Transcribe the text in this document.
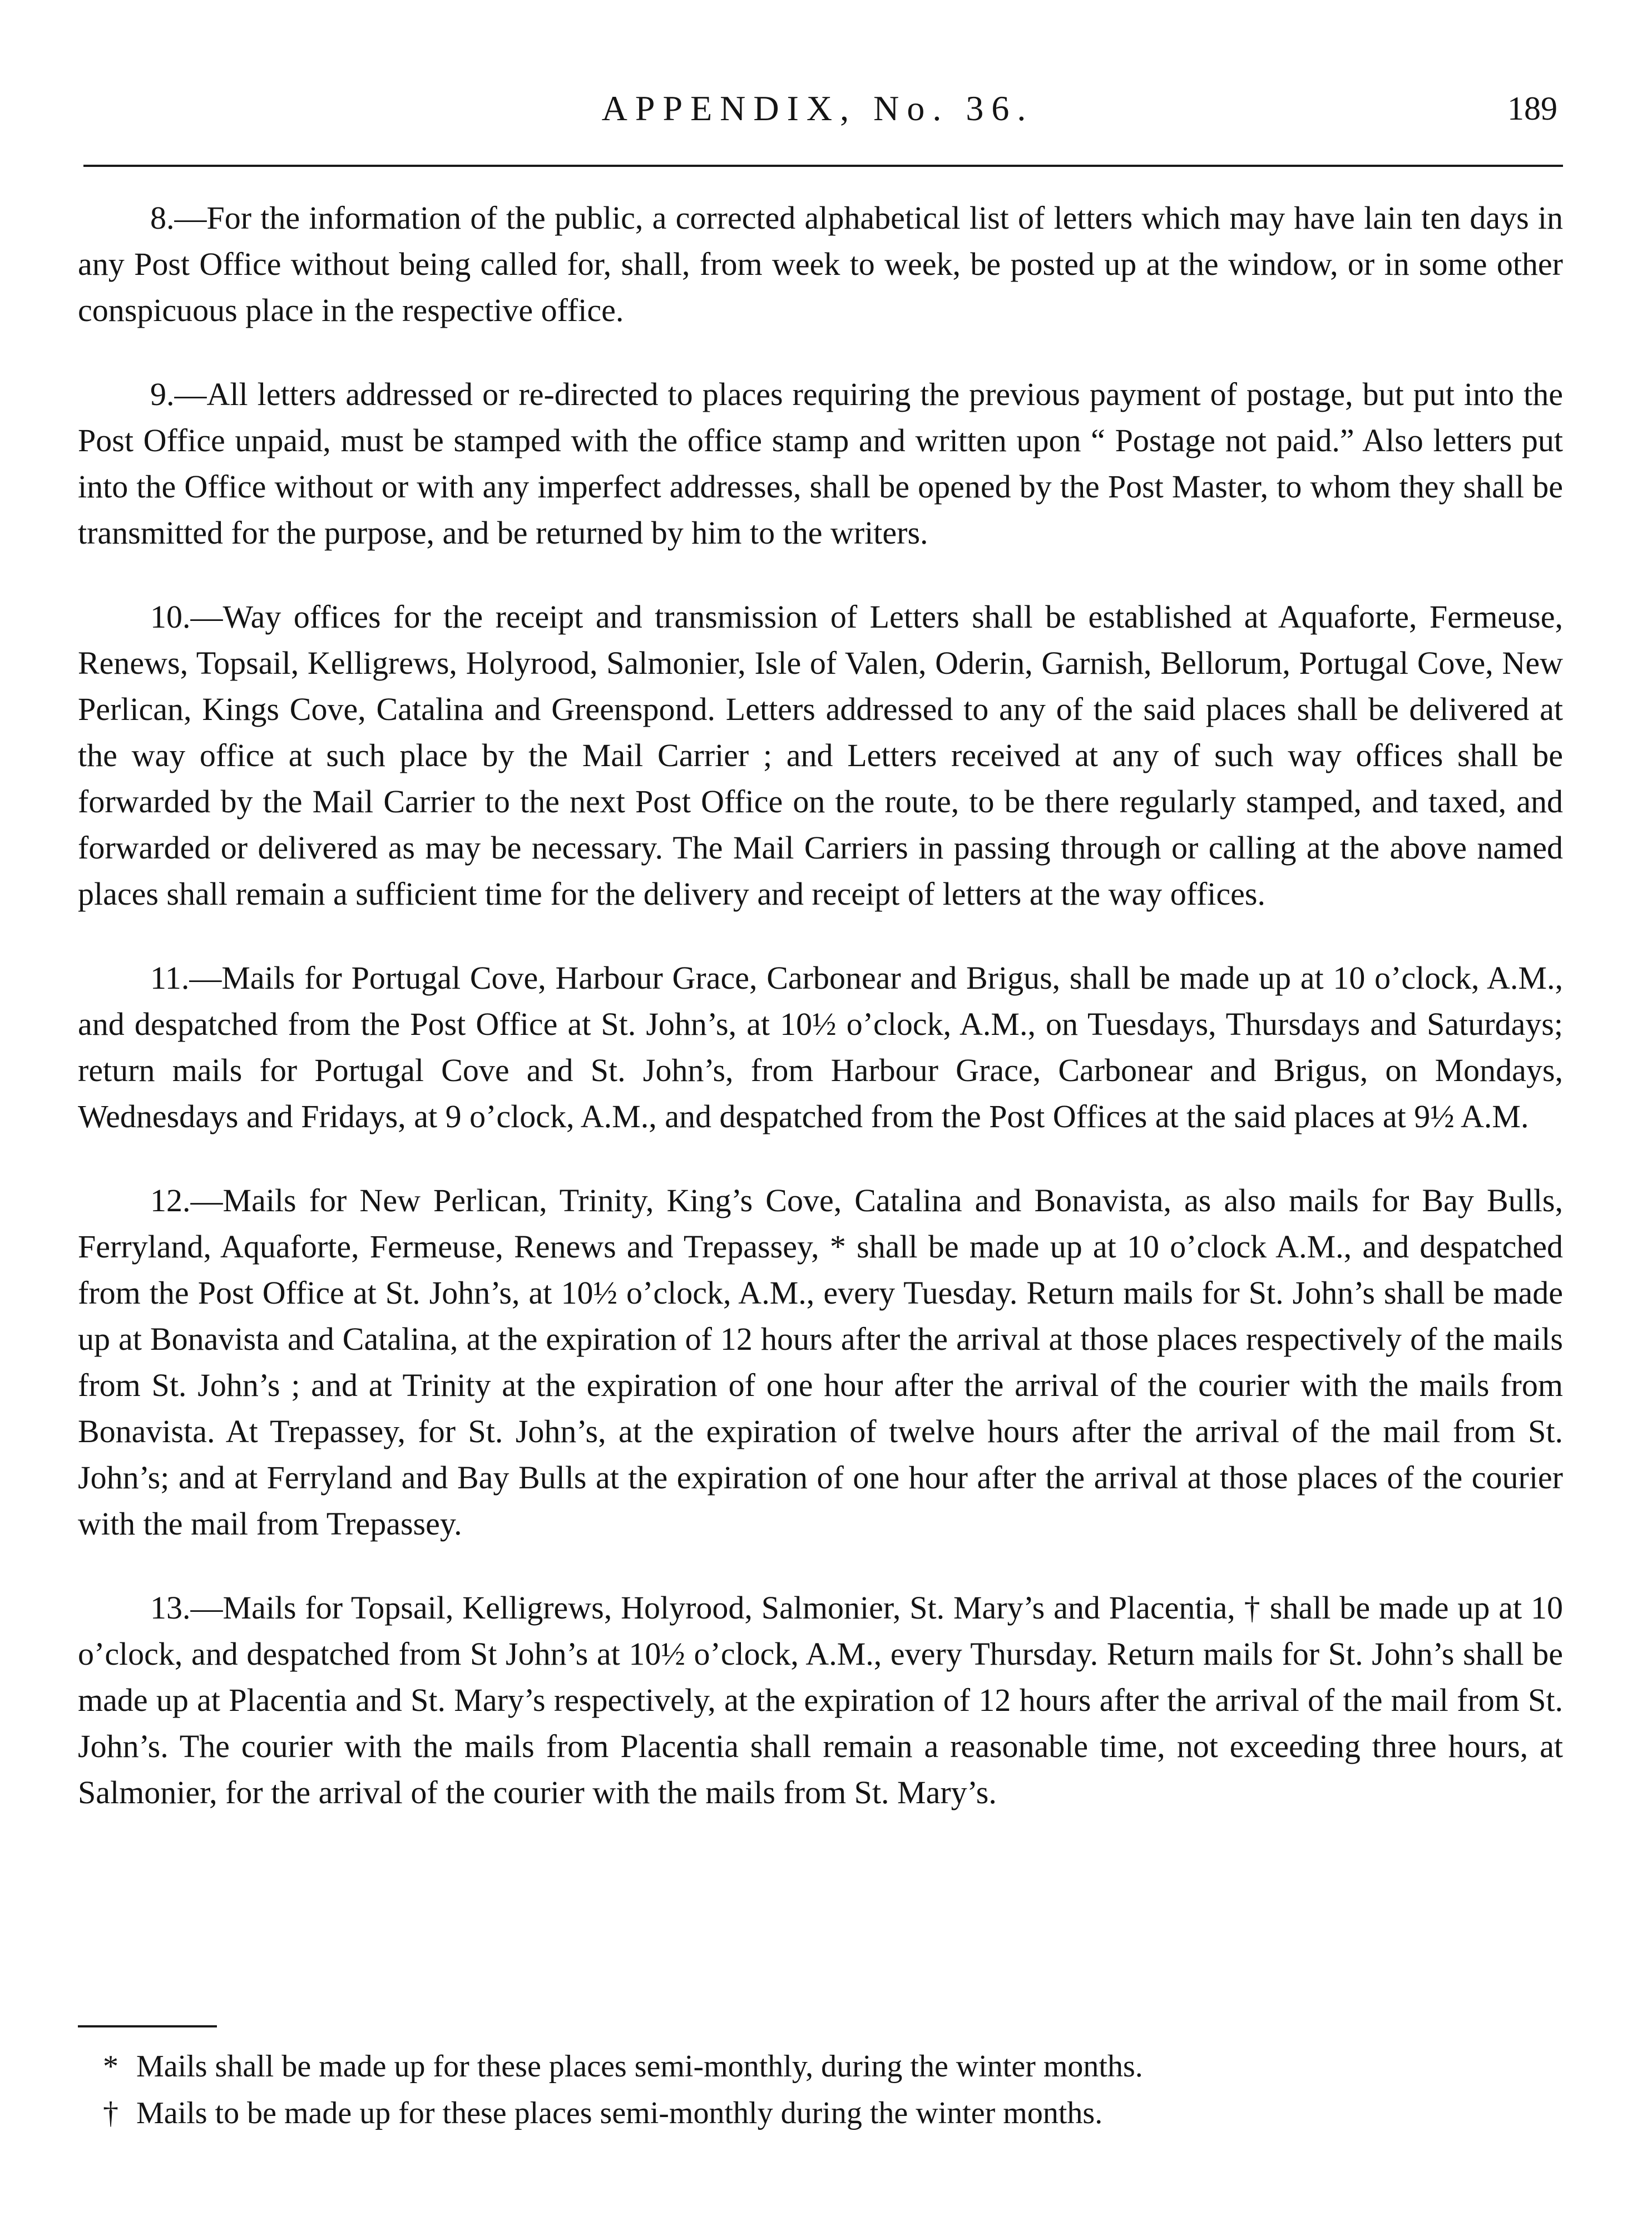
APPENDIX, No. 36.	189

8.—For the information of the public, a corrected alphabetical list of letters which may have lain ten days in any Post Office without being called for, shall, from week to week, be posted up at the window, or in some other conspicuous place in the respective office.

9.—All letters addressed or re-directed to places requiring the previous payment of postage, but put into the Post Office unpaid, must be stamped with the office stamp and written upon “ Postage not paid.” Also letters put into the Office without or with any imperfect addresses, shall be opened by the Post Master, to whom they shall be transmitted for the purpose, and be returned by him to the writers.

10.—Way offices for the receipt and transmission of Letters shall be established at Aquaforte, Fermeuse, Renews, Topsail, Kelligrews, Holyrood, Salmonier, Isle of Valen, Oderin, Garnish, Bellorum, Portugal Cove, New Perlican, Kings Cove, Catalina and Greenspond. Letters addressed to any of the said places shall be delivered at the way office at such place by the Mail Carrier ; and Letters received at any of such way offices shall be forwarded by the Mail Carrier to the next Post Office on the route, to be there regularly stamped, and taxed, and forwarded or delivered as may be necessary. The Mail Carriers in passing through or calling at the above named places shall remain a sufficient time for the delivery and receipt of letters at the way offices.

11.—Mails for Portugal Cove, Harbour Grace, Carbonear and Brigus, shall be made up at 10 o’clock, A.M., and despatched from the Post Office at St. John’s, at 10½ o’clock, A.M., on Tuesdays, Thursdays and Saturdays; return mails for Portugal Cove and St. John’s, from Harbour Grace, Carbonear and Brigus, on Mondays, Wednesdays and Fridays, at 9 o’clock, A.M., and despatched from the Post Offices at the said places at 9½ A.M.

12.—Mails for New Perlican, Trinity, King’s Cove, Catalina and Bonavista, as also mails for Bay Bulls, Ferryland, Aquaforte, Fermeuse, Renews and Trepassey, * shall be made up at 10 o’clock A.M., and despatched from the Post Office at St. John’s, at 10½ o’clock, A.M., every Tuesday. Return mails for St. John’s shall be made up at Bonavista and Catalina, at the expiration of 12 hours after the arrival at those places respectively of the mails from St. John’s ; and at Trinity at the expiration of one hour after the arrival of the courier with the mails from Bonavista. At Trepassey, for St. John’s, at the expiration of twelve hours after the arrival of the mail from St. John’s; and at Ferryland and Bay Bulls at the expiration of one hour after the arrival at those places of the courier with the mail from Trepassey.

13.—Mails for Topsail, Kelligrews, Holyrood, Salmonier, St. Mary’s and Placentia, † shall be made up at 10 o’clock, and despatched from St John’s at 10½ o’clock, A.M., every Thursday. Return mails for St. John’s shall be made up at Placentia and St. Mary’s respectively, at the expiration of 12 hours after the arrival of the mail from St. John’s. The courier with the mails from Placentia shall remain a reasonable time, not exceeding three hours, at Salmonier, for the arrival of the courier with the mails from St. Mary’s.

* Mails shall be made up for these places semi-monthly, during the winter months.

† Mails to be made up for these places semi-monthly during the winter months.
